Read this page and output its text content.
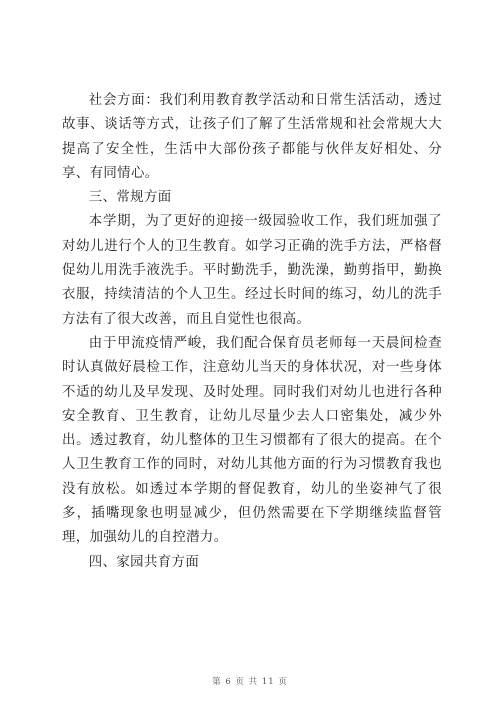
社会方面：我们利用教育教学活动和日常生活活动，透过故事、谈话等方式，让孩子们了解了生活常规和社会常规大大提高了安全性，生活中大部份孩子都能与伙伴友好相处、分享、有同情心。

三、常规方面

本学期，为了更好的迎接一级园验收工作，我们班加强了对幼儿进行个人的卫生教育。如学习正确的洗手方法，严格督促幼儿用洗手液洗手。平时勤洗手，勤洗澡，勤剪指甲，勤换衣服，持续清洁的个人卫生。经过长时间的练习，幼儿的洗手方法有了很大改善，而且自觉性也很高。

由于甲流疫情严峻，我们配合保育员老师每一天晨间检查时认真做好晨检工作，注意幼儿当天的身体状况，对一些身体不适的幼儿及早发现、及时处理。同时我们对幼儿也进行各种安全教育、卫生教育，让幼儿尽量少去人口密集处，减少外出。透过教育，幼儿整体的卫生习惯都有了很大的提高。在个人卫生教育工作的同时，对幼儿其他方面的行为习惯教育我也没有放松。如透过本学期的督促教育，幼儿的坐姿神气了很多，插嘴现象也明显减少，但仍然需要在下学期继续监督管理，加强幼儿的自控潜力。

四、家园共育方面

第 6 页 共 11 页
